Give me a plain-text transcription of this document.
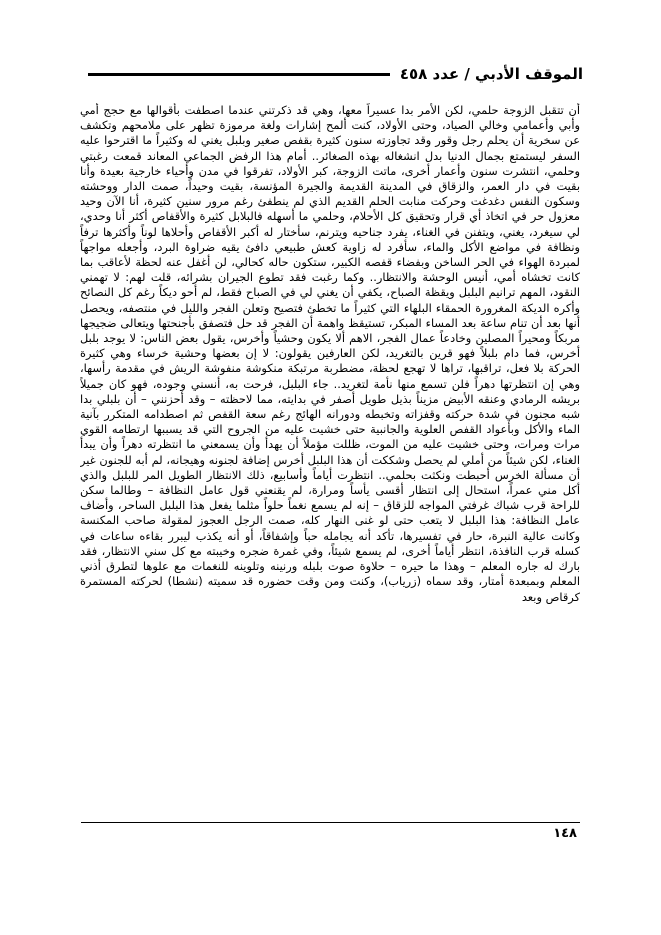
الموقف الأدبي / عدد ٤٥٨

أن تتقبل الزوجة حلمي، لكن الأمر بدا عسيراً معها، وهي قد ذكرتني عندما اصطفت بأقوالها مع حجج أمي وأبي وأعمامي وخالي الصياد، وحتى الأولاد، كنت ألمح إشارات ولغة مرموزة تظهر على ملامحهم وتكشف عن سخرية أن يحلم رجل وقور وقد تجاوزته سنون كثيرة بقفص صغير وبلبل يغني له وكثيراً ما اقترحوا عليه السفر ليستمتع بجمال الدنيا بدل انشغاله بهذه الصغائر.. أمام هذا الرفض الجماعي المعاند قمعت رغبتي وحلمي، انتشرت سنون وأعمار أخرى، ماتت الزوجة، كبر الأولاد، تفرقوا في مدن وأحياء خارجية بعيدة وأنا بقيت في دار العمر، والزقاق في المدينة القديمة والجيرة المؤنسة، بقيت وحيداً، صمت الدار ووحشته وسكون النفس دغدغت وحركت منابت الحلم القديم الذي لم ينطفئ رغم مرور سنين كثيرة، أنا الآن وحيد معزول حر في اتخاذ أي قرار وتحقيق كل الأحلام، وحلمي ما أسهله فالبلابل كثيرة والأقفاص أكثر أنا وحدي، لي سيغرد، يغني، ويتفنن في الغناء، يفرد جناحيه ويترنم، سأختار له أكبر الأقفاص وأحلاها لوناً وأكثرها ترفاً ونظافة في مواضع الأكل والماء، سأفرد له زاوية كعش طبيعي دافئ يقيه ضراوة البرد، وأجعله مواجهاً لمبردة الهواء في الحر الساخن وبفضاء قفصه الكبير، ستكون حاله كحالي، لن أغفل عنه لحظة لأعاقب بما كانت تخشاه أمي، أنيس الوحشة والانتظار.. وكما رغبت فقد تطوع الجيران بشرائه، قلت لهم: لا تهمني النقود، المهم ترانيم البلبل ويقظة الصباح، يكفي أن يغني لي في الصباح فقط، لم أحو ديكاً رغم كل النصائح وأكره الديكة المغرورة الحمقاء البلهاء التي كثيراً ما تخطئ فتصيح وتعلن الفجر والليل في منتصفه، ويحصل أنها بعد أن تنام ساعة بعد المساء المبكر، تستيقظ واهمة أن الفجر قد حل فتصفق بأجنحتها ويتعالى ضجيجها مربكاً ومحيراً المصلين وخادعاً عمال الفجر، الاهم ألا يكون وحشياً وأخرس، يقول بعض الناس: لا يوجد بلبل أخرس، فما دام بلبلاً فهو قرين بالتغريد، لكن العارفين يقولون: لا إن بعضها وحشية خرساء وهي كثيرة الحركة بلا فعل، تراقبها، تراها لا تهجع لحظة، مضطربة مرتبكة منكوشة منفوشة الريش في مقدمة رأسها، وهي إن انتظرتها دهراً فلن تسمع منها نأمة لتغريد.. جاء البلبل، فرحت به، أنسني وجوده، فهو كان جميلاً بريشه الرمادي وعنقه الأبيض مزيناً بذيل طويل أصفر في بدايته، مما لاحظته – وقد أحزنني – أن بلبلي بدا شبه مجنون في شدة حركته وقفزاته وتخبطه ودورانه الهائج رغم سعة القفص ثم اصطدامه المتكرر بآنية الماء والأكل وبأعواد القفص العلوية والجانبية حتى خشيت عليه من الجروح التي قد يسببها ارتطامه القوي مرات ومرات، وحتى خشيت عليه من الموت، ظللت مؤملاً أن يهدأ وأن يسمعني ما انتظرته دهراً وأن يبدأ الغناء، لكن شيئاً من أملي لم يحصل وشككت أن هذا البلبل أخرس إضافة لجنونه وهيجانه، لم أبه للجنون غير أن مسألة الخرس أحبطت ونكثت بحلمي.. انتظرت أياماً وأسابيع، ذلك الانتظار الطويل المر للبلبل والذي أكل مني عمراً، استحال إلى انتظار أقسى يأساً ومرارة، لم يقنعني قول عامل النظافة – وطالما سكن للراحة قرب شباك غرفتي المواجه للزقاق – إنه لم يسمع نغماً حلواً مثلما يفعل هذا البلبل الساحر، وأضاف عامل النظافة: هذا البلبل لا يتعب حتى لو غنى النهار كله، صمت الرجل العجوز لمقولة صاحب المكنسة وكانت عالية النبرة، حار في تفسيرها، تأكد أنه يجامله حباً وإشفاقاً، أو أنه يكذب ليبرر بقاءه ساعات في كسله قرب النافذة، انتظر أياماً أخرى، لم يسمع شيئاً، وفي غمرة ضجره وخيبته مع كل سني الانتظار، فقد بارك له جاره المعلم – وهذا ما حيره – حلاوة صوت بلبله ورنينه وتلوينه للنغمات مع علوها لتطرق أذني المعلم وبمبعدة أمتار، وقد سماه (زرياب)، وكنت ومن وقت حضوره قد سميته (نشطا) لحركته المستمرة كرقاص وبعد

١٤٨
